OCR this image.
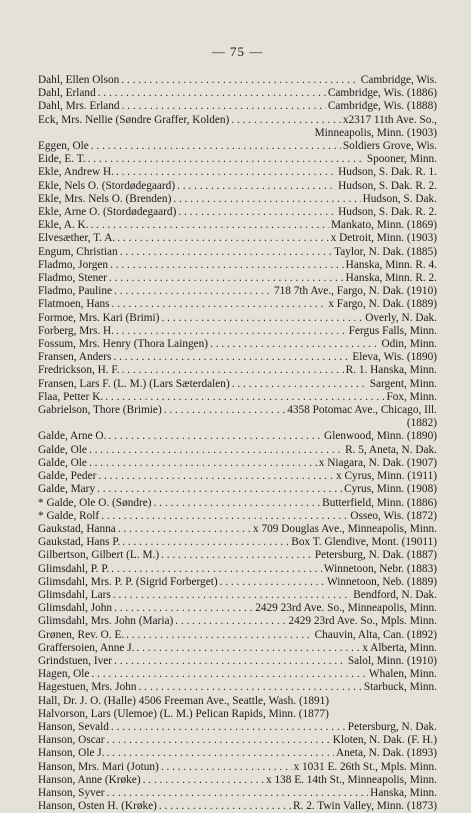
— 75 —
Dahl, Ellen Olson . . .	Cambridge, Wis.
Dahl, Erland . . .	Cambridge, Wis. (1886)
Dahl, Mrs. Erland . . .	Cambridge, Wis. (1888)
Eck, Mrs. Nellie (Søndre Graffer, Kolden) . . .	x2317 11th Ave. So.,
Minneapolis, Minn. (1903)
Eggen, Ole . . .	Soldiers Grove, Wis.
Eide, E. T. . . .	Spooner, Minn.
Ekle, Andrew H. . . .	Hudson, S. Dak. R. 1.
Ekle, Nels O. (Stordødegaard) . . .	Hudson, S. Dak. R. 2.
Ekle, Mrs. Nels O. (Brenden) . . .	Hudson, S. Dak.
Ekle, Arne O. (Stordødegaard) . . .	Hudson, S. Dak. R. 2.
Ekle, A. K. . . .	Mankato, Minn. (1869)
Elvesæther, T. A. . . .	x Detroit, Minn. (1903)
Engum, Christian . . .	Taylor, N. Dak. (1885)
Fladmo, Jorgen . . .	Hanska, Minn. R. 4.
Fladmo, Stener . . .	Hanska, Minn. R. 2.
Fladmo, Pauline . . .	718 7th Ave., Fargo, N. Dak. (1910)
Flatmoen, Hans . . .	x Fargo, N. Dak. (1889)
Formoe, Mrs. Kari (Brimi) . . .	Overly, N. Dak.
Forberg, Mrs. H. . . .	Fergus Falls, Minn.
Fossum, Mrs. Henry (Thora Laingen) . . .	Odin, Minn.
Fransen, Anders . . .	Eleva, Wis. (1890)
Fredrickson, H. F. . . .	R. 1. Hanska, Minn.
Fransen, Lars F. (L. M.) (Lars Sæterdalen) . . .	Sargent, Minn.
Flaa, Petter K. . . .	Fox, Minn.
Gabrielson, Thore (Brimie) . . .	4358 Potomac Ave., Chicago, Ill.
(1882)
Galde, Arne O. . . .	Glenwood, Minn. (1890)
Galde, Ole . . .	R. 5, Aneta, N. Dak.
Galde, Ole . . .	x Niagara, N. Dak. (1907)
Galde, Peder . . .	x Cyrus, Minn. (1911)
Galde, Mary . . .	Cyrus, Minn. (1908)
* Galde, Ole O. (Søndre) . . .	Butterfield, Minn. (1886)
* Galde, Rolf . . .	Osseo, Wis. (1872)
Gaukstad, Hanna . . .	x 709 Douglas Ave., Minneapolis, Minn.
Gaukstad, Hans P. . . .	Box T. Glendive, Mont. (19011)
Gilbertson, Gilbert (L. M.) . . .	Petersburg, N. Dak. (1887)
Glimsdahl, P. P. . . .	Winnetoon, Nebr. (1883)
Glimsdahl, Mrs. P. P. (Sigrid Forberget) . . .	Winnetoon, Neb. (1889)
Glimsdahl, Lars . . .	Bendford, N. Dak.
Glimsdahl, John . . .	2429 23rd Ave. So., Minneapolis, Minn.
Glimsdahl, Mrs. John (Maria) . . .	2429 23rd Ave. So., Mpls. Minn.
Grønen, Rev. O. E. . . .	Chauvin, Alta, Can. (1892)
Graffersoien, Anne J. . . .	x Alberta, Minn.
Grindstuen, Iver . . .	Salol, Minn. (1910)
Hagen, Ole . . .	Whalen, Minn.
Hagestuen, Mrs. John . . .	Starbuck, Minn.
Hall, Dr. J. O. (Halle) 4506 Freeman Ave., Seattle, Wash. (1891)
Halvorson, Lars (Ulemoe) (L. M.) Pelican Rapids, Minn. (1877)
Hanson, Sevald . . .	Petersburg, N. Dak.
Hanson, Oscar . . .	Kloten, N. Dak. (F. H.)
Hanson, Ole J. . . .	Aneta, N. Dak. (1893)
Hanson, Mrs. Mari (Jotun) . . .	x 1031 E. 26th St., Mpls. Minn.
Hanson, Anne (Krøke) . . .	x 138 E. 14th St., Minneapolis, Minn.
Hanson, Syver . . .	Hanska, Minn.
Hanson, Osten H. (Krøke) . . .	R. 2. Twin Valley, Minn. (1873)
